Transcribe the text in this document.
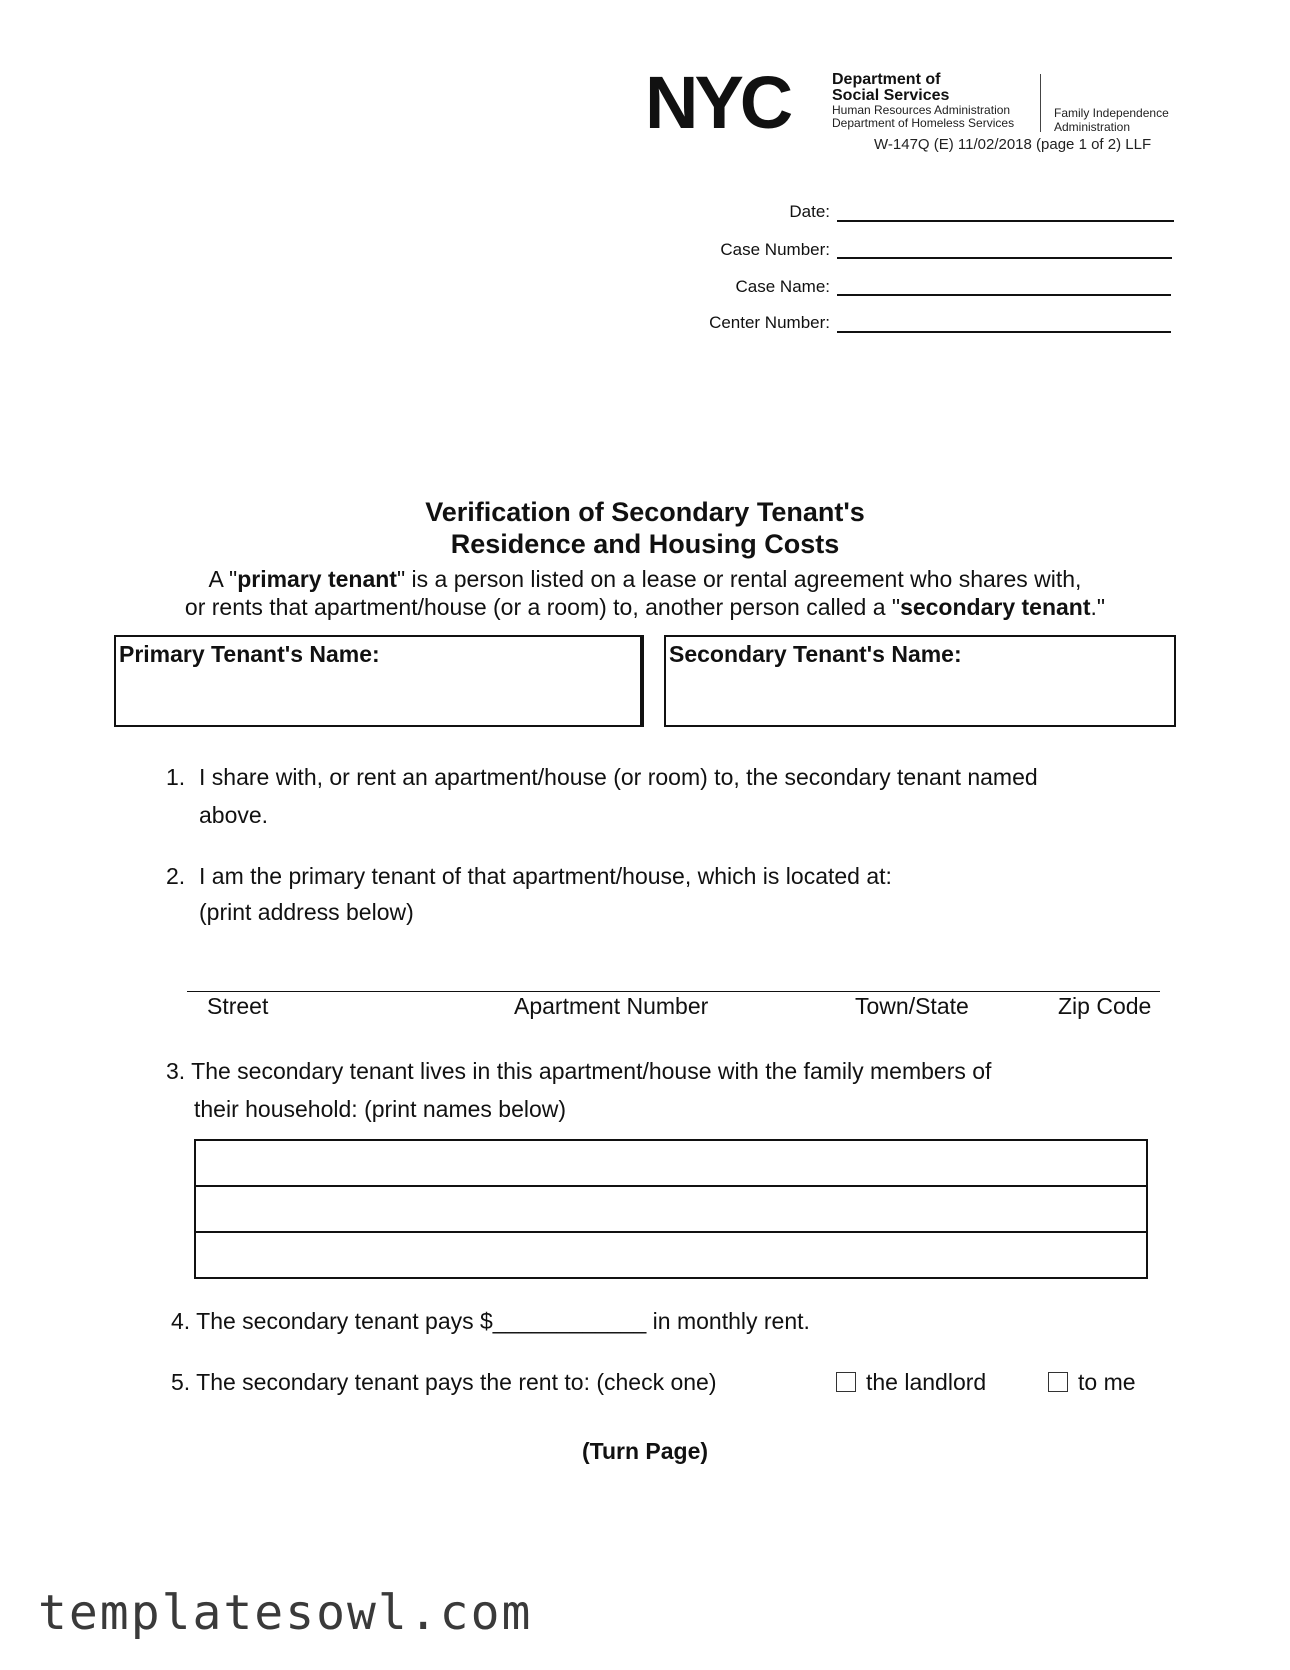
NYC	Department of
Social Services
Human Resources Administration
Department of Homeless Services
Family Independence
Administration
W-147Q (E) 11/02/2018 (page 1 of 2) LLF
Date:
Case Number:
Case Name:
Center Number:
Verification of Secondary Tenant's
Residence and Housing Costs
A "primary tenant" is a person listed on a lease or rental agreement who shares with,
or rents that apartment/house (or a room) to, another person called a "secondary tenant."
Primary Tenant's Name:	Secondary Tenant's Name:
1. I share with, or rent an apartment/house (or room) to, the secondary tenant named
above.
2. I am the primary tenant of that apartment/house, which is located at:
(print address below)
Street	Apartment Number	Town/State	Zip Code
3. The secondary tenant lives in this apartment/house with the family members of
their household: (print names below)
4. The secondary tenant pays $____________ in monthly rent.
5. The secondary tenant pays the rent to: (check one)	the landlord	to me
(Turn Page)
templatesowl.com
